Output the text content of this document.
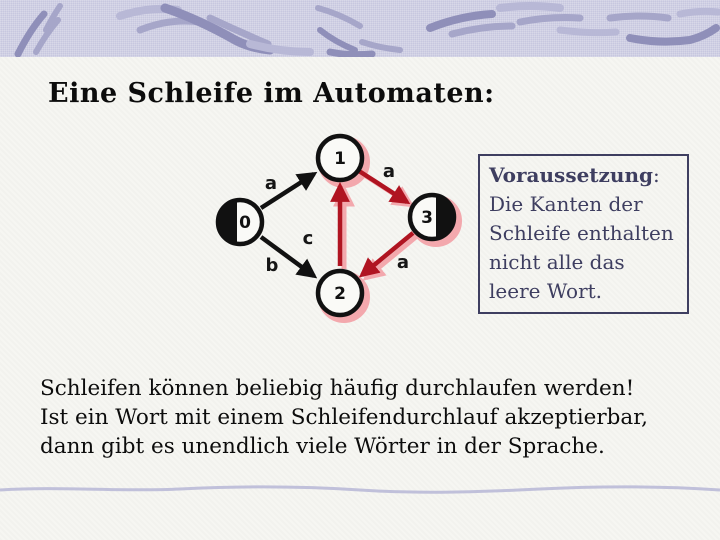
Eine Schleife im Automaten:
0
1
2
3
a
b
a
a
c
Voraussetzung:
Die Kanten der
Schleife enthalten
nicht alle das
leere Wort.
Schleifen können beliebig häufig durchlaufen werden!
Ist ein Wort mit einem Schleifendurchlauf akzeptierbar,
dann gibt es unendlich viele Wörter in der Sprache.
